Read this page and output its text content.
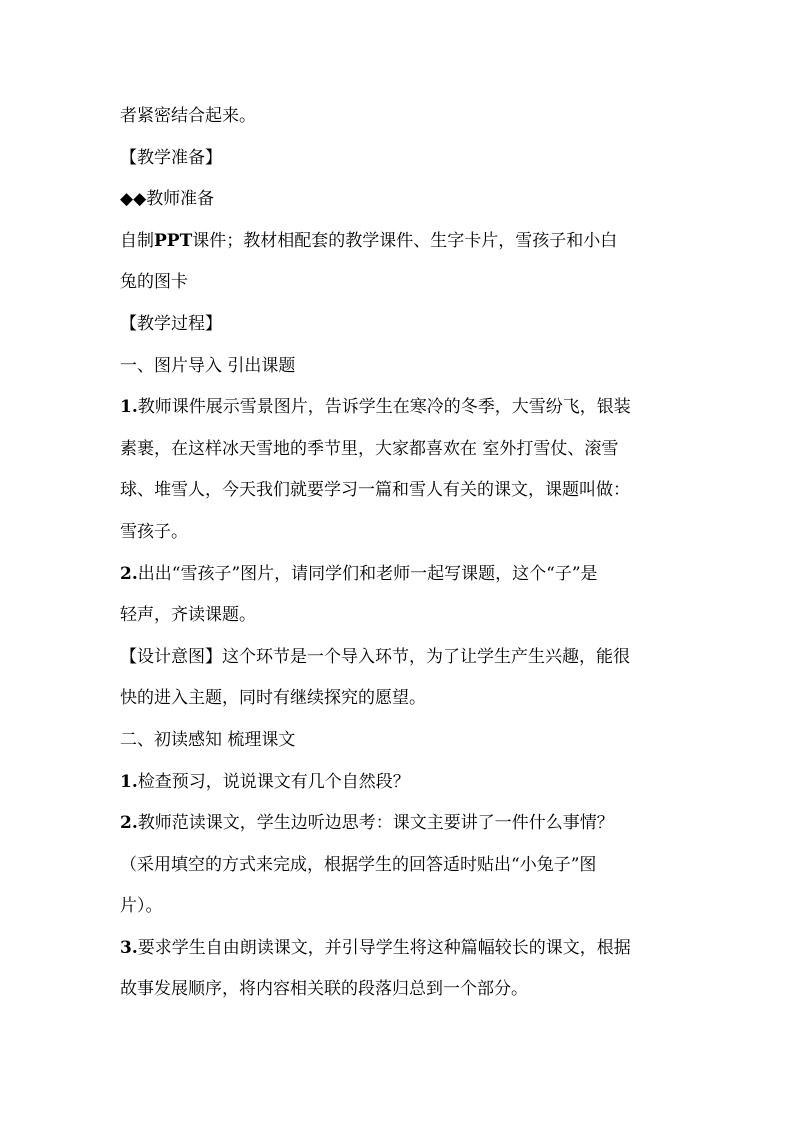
者紧密结合起来。
【教学准备】
◆◆教师准备
自制PPT课件；教材相配套的教学课件、生字卡片，雪孩子和小白
兔的图卡
【教学过程】
一、图片导入 引出课题
1.教师课件展示雪景图片，告诉学生在寒冷的冬季，大雪纷飞，银装
素裹，在这样冰天雪地的季节里，大家都喜欢在 室外打雪仗、滚雪
球、堆雪人，今天我们就要学习一篇和雪人有关的课文，课题叫做：
雪孩子。
2.出出“雪孩子”图片，请同学们和老师一起写课题，这个“子”是
轻声，齐读课题。
【设计意图】这个环节是一个导入环节，为了让学生产生兴趣，能很
快的进入主题，同时有继续探究的愿望。
二、初读感知 梳理课文
1.检查预习，说说课文有几个自然段？
2.教师范读课文，学生边听边思考：课文主要讲了一件什么事情？
（采用填空的方式来完成，根据学生的回答适时贴出“小兔子”图
片）。
3.要求学生自由朗读课文，并引导学生将这种篇幅较长的课文，根据
故事发展顺序，将内容相关联的段落归总到一个部分。
